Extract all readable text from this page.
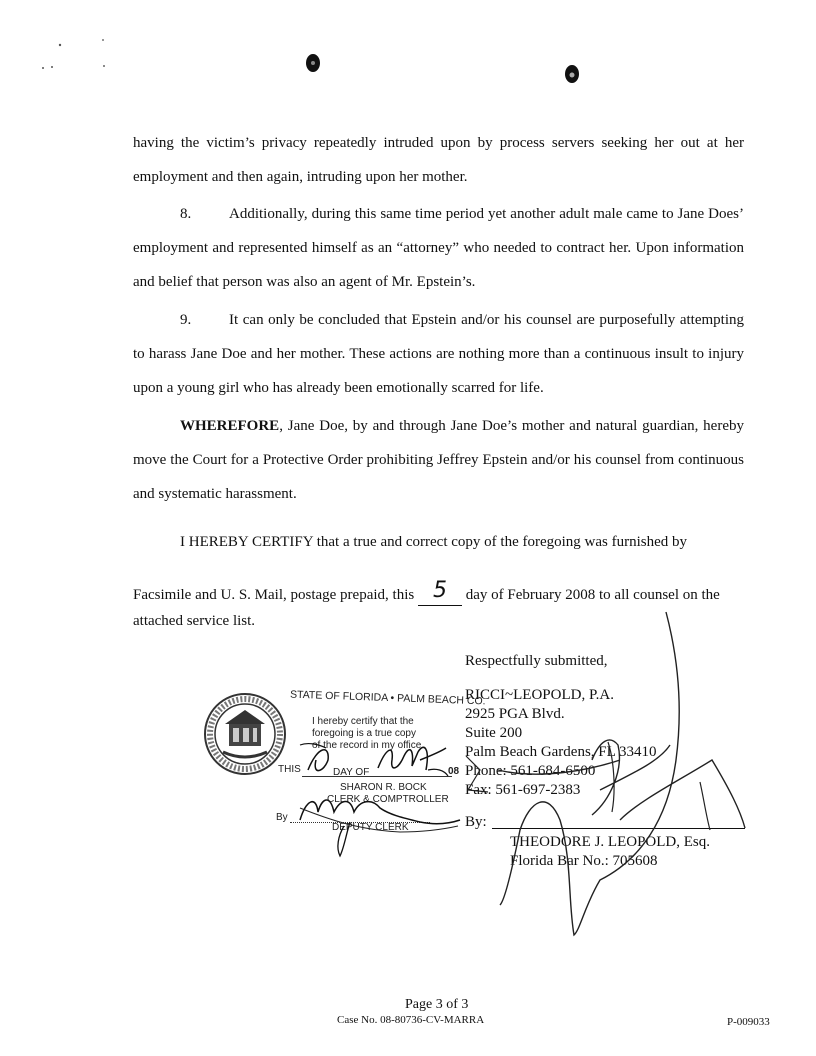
having the victim’s privacy repeatedly intruded upon by process servers seeking her out at her employment and then again, intruding upon her mother.

8.	Additionally, during this same time period yet another adult male came to Jane Does’ employment and represented himself as an “attorney” who needed to contract her. Upon information and belief that person was also an agent of Mr. Epstein’s.

9.	It can only be concluded that Epstein and/or his counsel are purposefully attempting to harass Jane Doe and her mother. These actions are nothing more than a continuous insult to injury upon a young girl who has already been emotionally scarred for life.

WHEREFORE, Jane Doe, by and through Jane Doe’s mother and natural guardian, hereby move the Court for a Protective Order prohibiting Jeffrey Epstein and/or his counsel from continuous and systematic harassment.

I HEREBY CERTIFY that a true and correct copy of the foregoing was furnished by
Facsimile and U. S. Mail, postage prepaid, this 5 day of February 2008 to all counsel on the
attached service list.
Respectfully submitted,
RICCI~LEOPOLD, P.A.
2925 PGA Blvd.
Suite 200
Palm Beach Gardens, FL 33410
Phone: 561-684-6500
Fax: 561-697-2383
By:
THEODORE J. LEOPOLD, Esq.
Florida Bar No.: 705608
STATE OF FLORIDA • PALM BEACH CO.
I hereby certify that the
foregoing is a true copy
of the record in my office.
THIS	DAY OF	08
SHARON R. BOCK
CLERK & COMPTROLLER
By
DEPUTY CLERK
Page 3 of 3
Case No. 08-80736-CV-MARRA	P-009033
